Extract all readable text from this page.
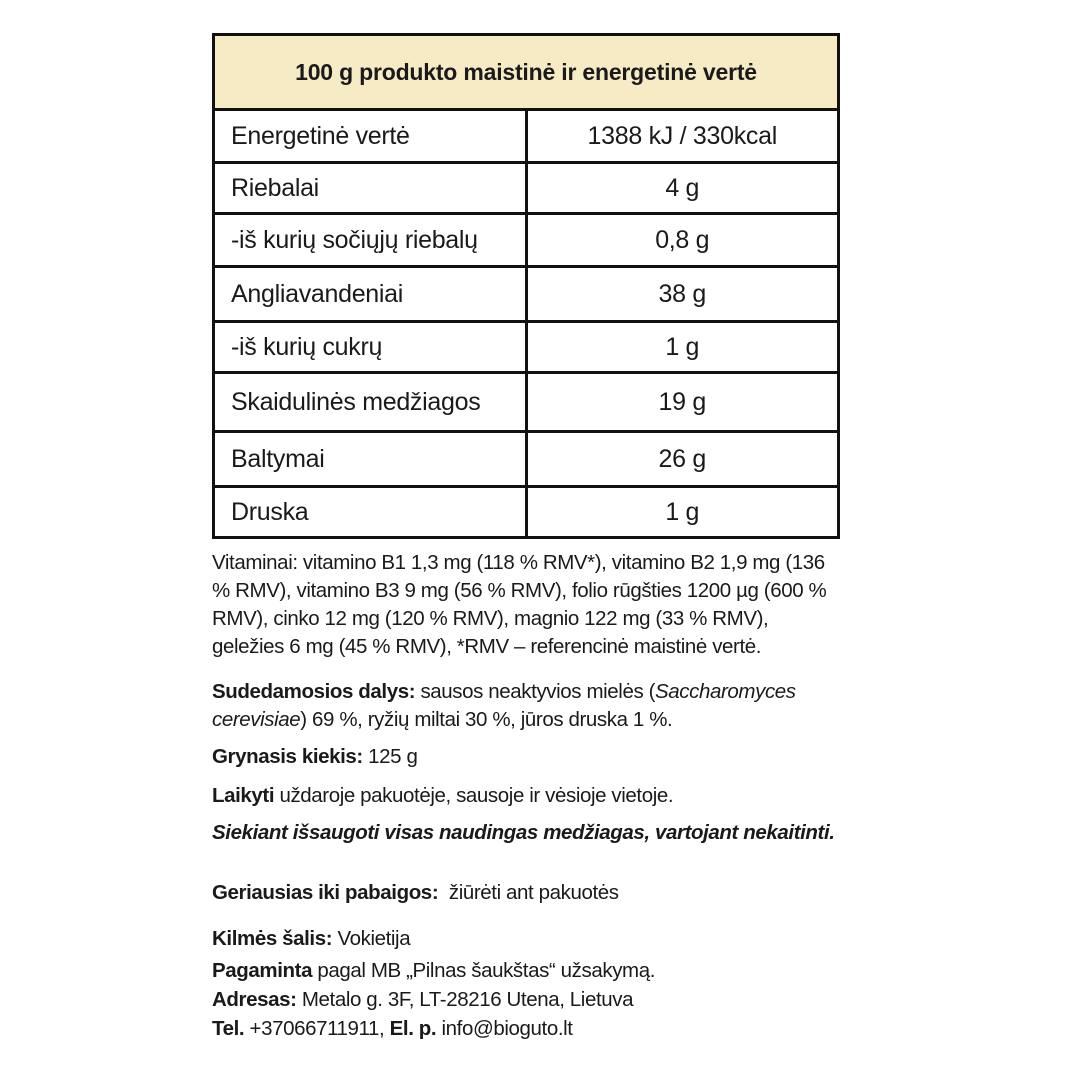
100 g produkto maistinė ir energetinė vertė	
Energetinė vertė	1388 kJ / 330kcal
Riebalai	4 g
-iš kurių sočiųjų riebalų	0,8 g
Angliavandeniai	38 g
-iš kurių cukrų	1 g
Skaidulinės medžiagos	19 g
Baltymai	26 g
Druska	1 g
Vitaminai: vitamino B1 1,3 mg (118 % RMV*), vitamino B2 1,9 mg (136 % RMV), vitamino B3 9 mg (56 % RMV), folio rūgšties 1200 µg (600 % RMV), cinko 12 mg (120 % RMV), magnio 122 mg (33 % RMV), geležies 6 mg (45 % RMV), *RMV – referencinė maistinė vertė.
Sudedamosios dalys: sausos neaktyvios mielės (Saccharomyces cerevisiae) 69 %, ryžių miltai 30 %, jūros druska 1 %.
Grynasis kiekis: 125 g
Laikyti uždaroje pakuotėje, sausoje ir vėsioje vietoje.
Siekiant išsaugoti visas naudingas medžiagas, vartojant nekaitinti.
Geriausias iki pabaigos:  žiūrėti ant pakuotės
Kilmės šalis: Vokietija
Pagaminta pagal MB „Pilnas šaukštas“ užsakymą.
Adresas: Metalo g. 3F, LT-28216 Utena, Lietuva
Tel. +37066711911, El. p. info@bioguto.lt
